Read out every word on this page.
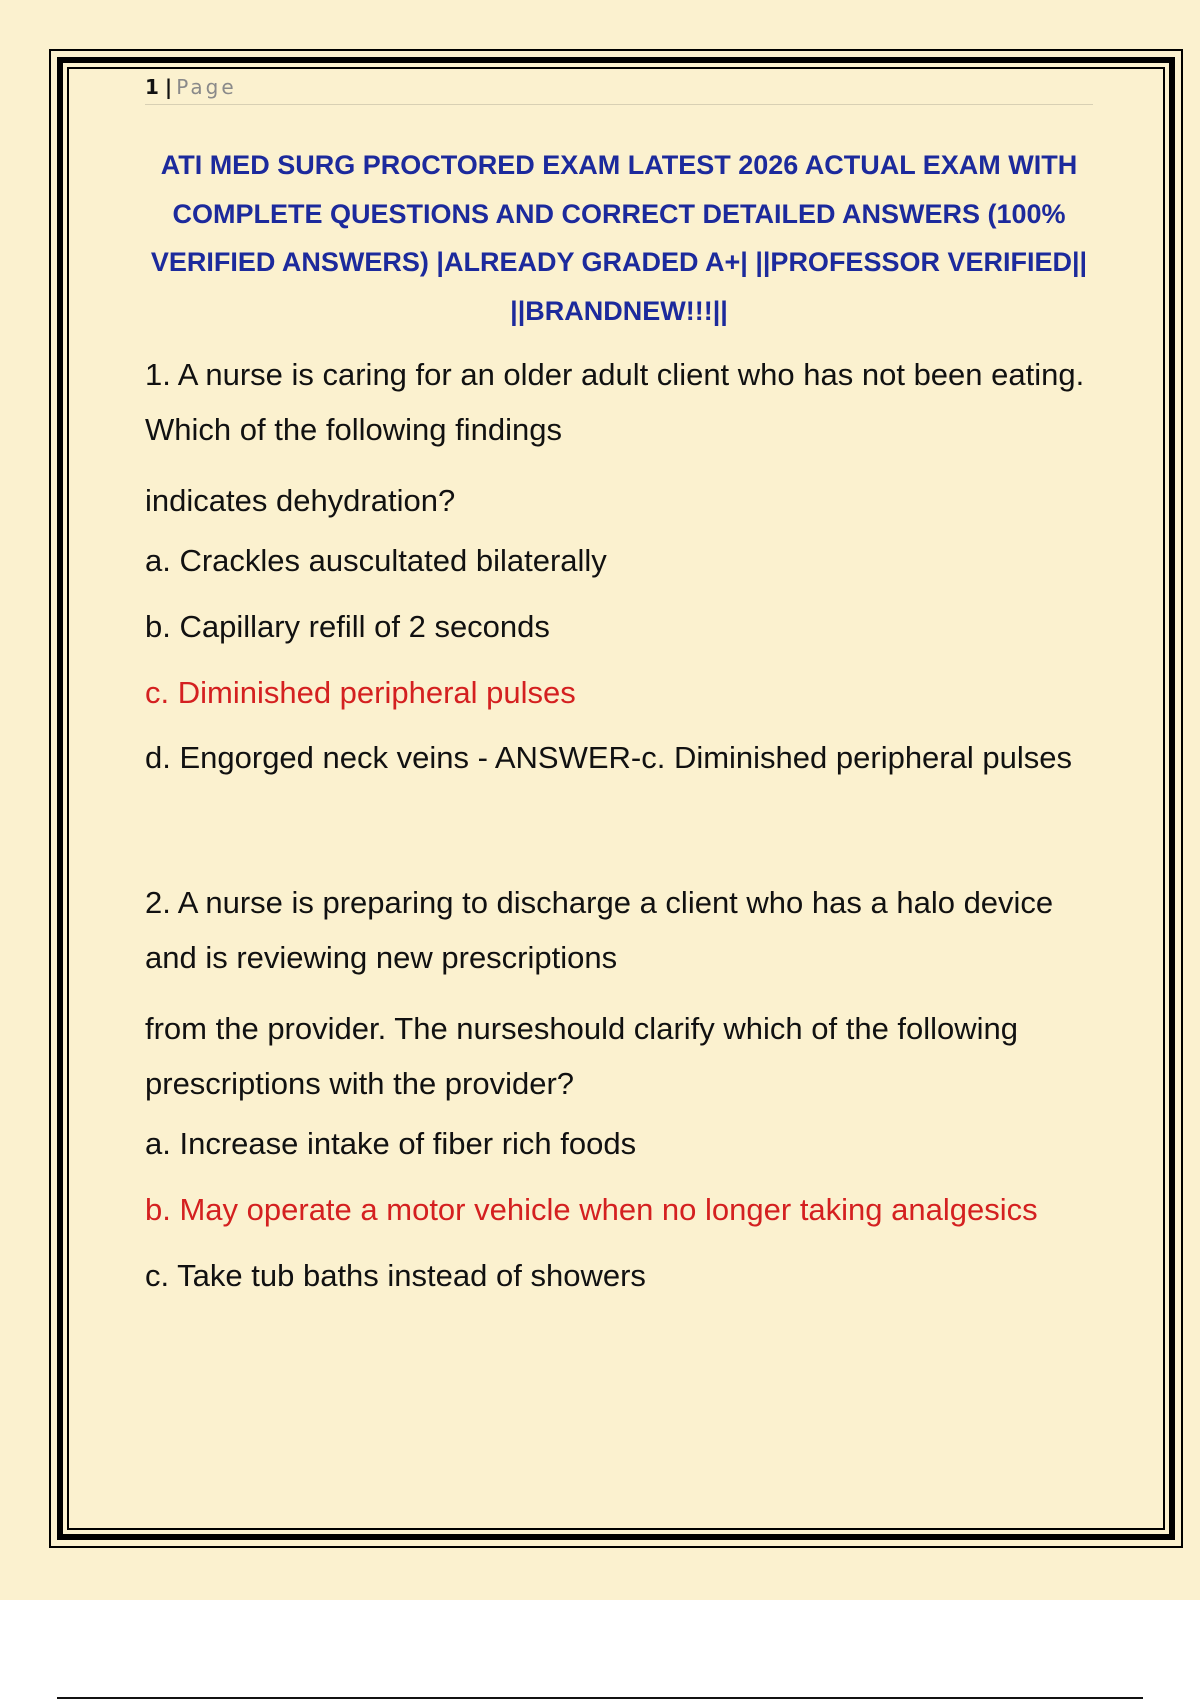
1 | Page
ATI MED SURG PROCTORED EXAM LATEST 2026 ACTUAL EXAM WITH COMPLETE QUESTIONS AND CORRECT DETAILED ANSWERS (100% VERIFIED ANSWERS) |ALREADY GRADED A+| ||PROFESSOR VERIFIED|| ||BRANDNEW!!!||

1. A nurse is caring for an older adult client who has not been eating. Which of the following findings

indicates dehydration?

a. Crackles auscultated bilaterally

b. Capillary refill of 2 seconds

c. Diminished peripheral pulses

d. Engorged neck veins - ANSWER-c. Diminished peripheral pulses

2. A nurse is preparing to discharge a client who has a halo device and is reviewing new prescriptions

from the provider. The nurseshould clarify which of the following prescriptions with the provider?

a. Increase intake of fiber rich foods

b. May operate a motor vehicle when no longer taking analgesics

c. Take tub baths instead of showers
